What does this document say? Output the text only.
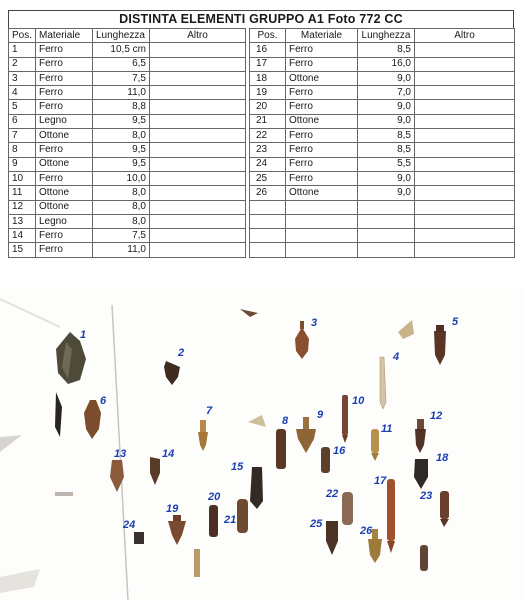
DISTINTA ELEMENTI GRUPPO A1 Foto 772 CC
Pos.	Materiale	Lunghezza	Altro		Pos.	Materiale	Lunghezza	Altro
1	Ferro	10,5 cm			16	Ferro	8,5	
2	Ferro	6,5			17	Ferro	16,0	
3	Ferro	7,5			18	Ottone	9,0	
4	Ferro	11,0			19	Ferro	7,0	
5	Ferro	8,8			20	Ferro	9,0	
6	Legno	9,5			21	Ottone	9,0	
7	Ottone	8,0			22	Ferro	8,5	
8	Ferro	9,5			23	Ferro	8,5	
9	Ottone	9,5			24	Ferro	5,5	
10	Ferro	10,0			25	Ferro	9,0	
11	Ottone	8,0			26	Ottone	9,0	
12	Ottone	8,0						
13	Legno	8,0						
14	Ferro	7,5						
15	Ferro	11,0						
1
2
3
4
5
6
7
8	9
10
11
12
13	14
15
16
17
18
19
20
21
22	23
24	25
26
